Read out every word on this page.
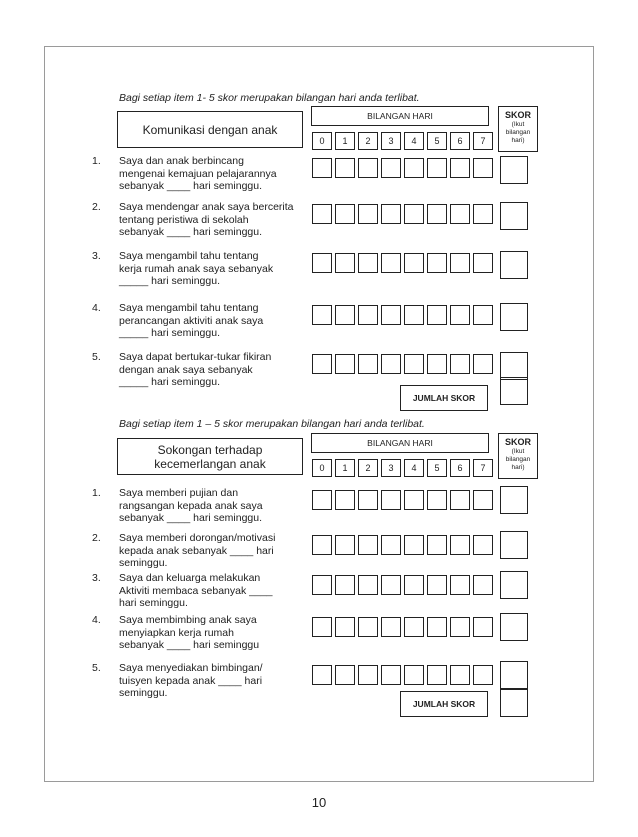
Bagi setiap item 1- 5 skor merupakan bilangan hari anda terlibat.
Komunikasi dengan anak
BILANGAN HARI
0	1	2	3	4	5	6	7
SKOR
(Ikut bilangan hari)
1. Saya dan anak berbincang
mengenai kemajuan pelajarannya
sebanyak ____ hari seminggu.
2. Saya mendengar anak saya bercerita
tentang peristiwa di sekolah
sebanyak ____ hari seminggu.
3. Saya mengambil tahu tentang
kerja rumah anak saya sebanyak
_____ hari seminggu.
4. Saya mengambil tahu tentang
perancangan aktiviti anak saya
_____ hari seminggu.
5. Saya dapat bertukar-tukar fikiran
dengan anak saya sebanyak
_____ hari seminggu.
JUMLAH SKOR
Bagi setiap item 1 – 5 skor merupakan bilangan hari anda terlibat.
Sokongan terhadap
kecemerlangan anak
BILANGAN HARI
0	1	2	3	4	5	6	7
SKOR
(Ikut bilangan hari)
1. Saya memberi pujian dan
rangsangan kepada anak saya
sebanyak ____ hari seminggu.
2. Saya memberi dorongan/motivasi
kepada anak sebanyak ____ hari
seminggu.
3. Saya dan keluarga melakukan
Aktiviti membaca sebanyak ____
hari seminggu.
4. Saya membimbing anak saya
menyiapkan kerja rumah
sebanyak ____ hari seminggu
5. Saya menyediakan bimbingan/
tuisyen kepada anak ____ hari
seminggu.
JUMLAH SKOR
10
